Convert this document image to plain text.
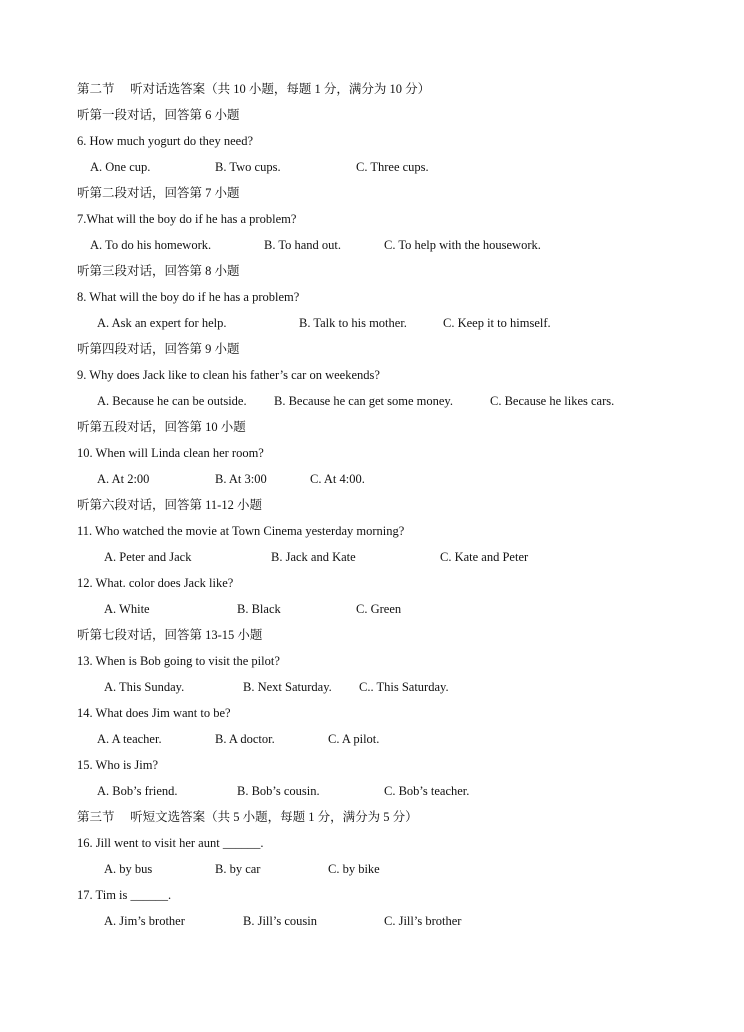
第二节　 听对话选答案（共 10 小题，每题 1 分，满分为 10 分）
听第一段对话，回答第 6 小题
6. How much yogurt do they need?
A. One cup.	B. Two cups.	C. Three cups.
听第二段对话，回答第 7 小题
7.What will the boy do if he has a problem?
A. To do his homework.	B. To hand out.	C. To help with the housework.
听第三段对话，回答第 8 小题
8. What will the boy do if he has a problem?
A. Ask an expert for help.	B. Talk to his mother.	C. Keep it to himself.
听第四段对话，回答第 9 小题
9. Why does Jack like to clean his father’s car on weekends?
A. Because he can be outside. B. Because he can get some money.	C. Because he likes cars.
听第五段对话，回答第 10 小题
10. When will Linda clean her room?
A. At 2:00	B. At 3:00	C. At 4:00.
听第六段对话，回答第 11-12 小题
11. Who watched the movie at Town Cinema yesterday morning?
A. Peter and Jack	B. Jack and Kate	C. Kate and Peter
12. What. color does Jack like?
A. White	B. Black	C. Green
听第七段对话，回答第 13-15 小题
13. When is Bob going to visit the pilot?
A. This Sunday.	B. Next Saturday. C.. This Saturday.
14. What does Jim want to be?
A. A teacher.	B. A doctor.	C. A pilot.
15. Who is Jim?
A. Bob’s friend.	B. Bob’s cousin.	C. Bob’s teacher.
第三节　 听短文选答案（共 5 小题，每题 1 分，满分为 5 分）
16. Jill went to visit her aunt ______.
A. by bus	B. by car	C. by bike
17. Tim is ______.
A. Jim’s brother	B. Jill’s cousin	C. Jill’s brother
